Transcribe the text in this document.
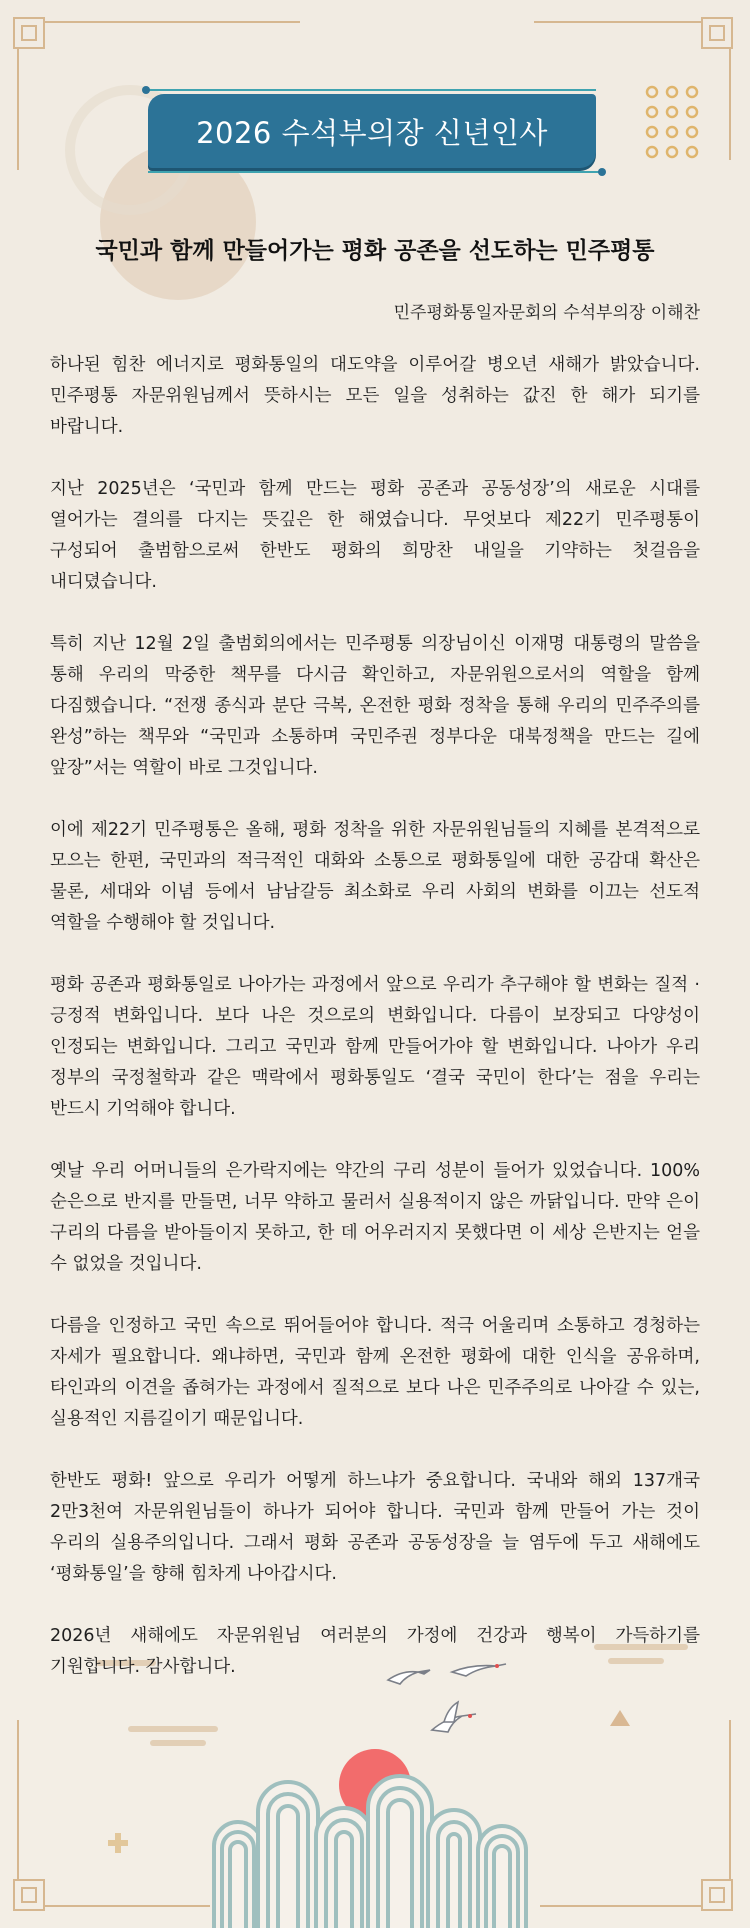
2026 수석부의장 신년인사
국민과 함께 만들어가는 평화 공존을 선도하는 민주평통
민주평화통일자문회의 수석부의장 이해찬

하나된 힘찬 에너지로 평화통일의 대도약을 이루어갈 병오년 새해가 밝았습니다. 민주평통 자문위원님께서 뜻하시는 모든 일을 성취하는 값진 한 해가 되기를 바랍니다.

지난 2025년은 ‘국민과 함께 만드는 평화 공존과 공동성장’의 새로운 시대를 열어가는 결의를 다지는 뜻깊은 한 해였습니다. 무엇보다 제22기 민주평통이 구성되어 출범함으로써 한반도 평화의 희망찬 내일을 기약하는 첫걸음을 내디뎠습니다.

특히 지난 12월 2일 출범회의에서는 민주평통 의장님이신 이재명 대통령의 말씀을 통해 우리의 막중한 책무를 다시금 확인하고, 자문위원으로서의 역할을 함께 다짐했습니다. “전쟁 종식과 분단 극복, 온전한 평화 정착을 통해 우리의 민주주의를 완성”하는 책무와 “국민과 소통하며 국민주권 정부다운 대북정책을 만드는 길에 앞장”서는 역할이 바로 그것입니다.

이에 제22기 민주평통은 올해, 평화 정착을 위한 자문위원님들의 지혜를 본격적으로 모으는 한편, 국민과의 적극적인 대화와 소통으로 평화통일에 대한 공감대 확산은 물론, 세대와 이념 등에서 남남갈등 최소화로 우리 사회의 변화를 이끄는 선도적 역할을 수행해야 할 것입니다.

평화 공존과 평화통일로 나아가는 과정에서 앞으로 우리가 추구해야 할 변화는 질적 · 긍정적 변화입니다. 보다 나은 것으로의 변화입니다. 다름이 보장되고 다양성이 인정되는 변화입니다. 그리고 국민과 함께 만들어가야 할 변화입니다. 나아가 우리 정부의 국정철학과 같은 맥락에서 평화통일도 ‘결국 국민이 한다’는 점을 우리는 반드시 기억해야 합니다.

옛날 우리 어머니들의 은가락지에는 약간의 구리 성분이 들어가 있었습니다. 100% 순은으로 반지를 만들면, 너무 약하고 물러서 실용적이지 않은 까닭입니다. 만약 은이 구리의 다름을 받아들이지 못하고, 한 데 어우러지지 못했다면 이 세상 은반지는 얻을 수 없었을 것입니다.

다름을 인정하고 국민 속으로 뛰어들어야 합니다. 적극 어울리며 소통하고 경청하는 자세가 필요합니다. 왜냐하면, 국민과 함께 온전한 평화에 대한 인식을 공유하며, 타인과의 이견을 좁혀가는 과정에서 질적으로 보다 나은 민주주의로 나아갈 수 있는, 실용적인 지름길이기 때문입니다.

한반도 평화! 앞으로 우리가 어떻게 하느냐가 중요합니다. 국내와 해외 137개국 2만3천여 자문위원님들이 하나가 되어야 합니다. 국민과 함께 만들어 가는 것이 우리의 실용주의입니다. 그래서 평화 공존과 공동성장을 늘 염두에 두고 새해에도 ‘평화통일’을 향해 힘차게 나아갑시다.

2026년 새해에도 자문위원님 여러분의 가정에 건강과 행복이 가득하기를 기원합니다. 감사합니다.
